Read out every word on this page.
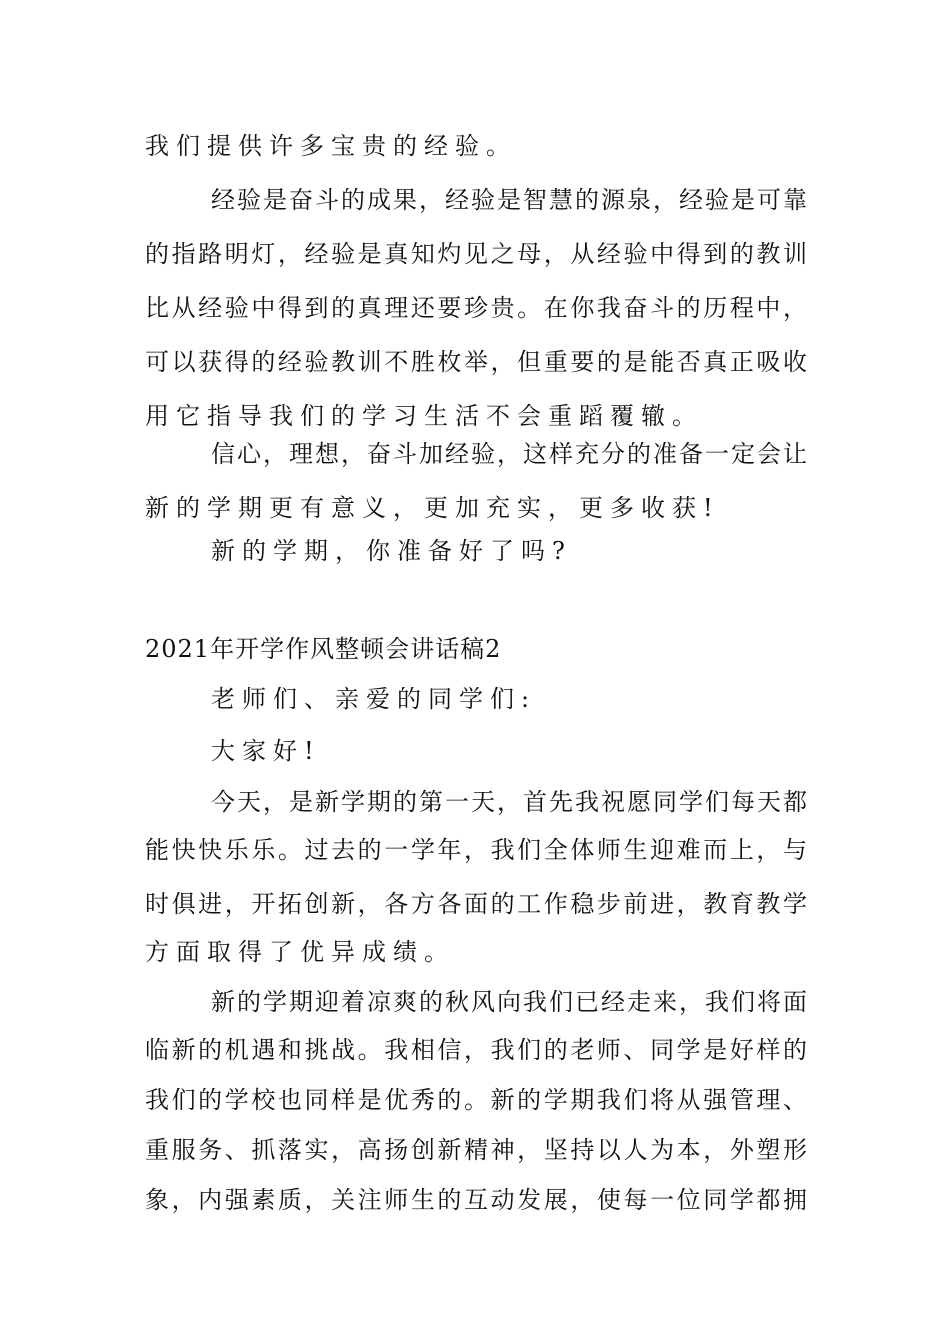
我们提供许多宝贵的经验。
经验是奋斗的成果，经验是智慧的源泉，经验是可靠
的指路明灯，经验是真知灼见之母，从经验中得到的教训
比从经验中得到的真理还要珍贵。在你我奋斗的历程中，
可以获得的经验教训不胜枚举，但重要的是能否真正吸收
用它指导我们的学习生活不会重蹈覆辙。
信心，理想，奋斗加经验，这样充分的准备一定会让
新的学期更有意义，更加充实，更多收获!
新的学期，你准备好了吗?
2021年开学作风整顿会讲话稿2
老师们、亲爱的同学们:
大家好!
今天，是新学期的第一天，首先我祝愿同学们每天都
能快快乐乐。过去的一学年，我们全体师生迎难而上，与
时俱进，开拓创新，各方各面的工作稳步前进，教育教学
方面取得了优异成绩。
新的学期迎着凉爽的秋风向我们已经走来，我们将面
临新的机遇和挑战。我相信，我们的老师、同学是好样的
我们的学校也同样是优秀的。新的学期我们将从强管理、
重服务、抓落实，高扬创新精神，坚持以人为本，外塑形
象，内强素质，关注师生的互动发展，使每一位同学都拥
